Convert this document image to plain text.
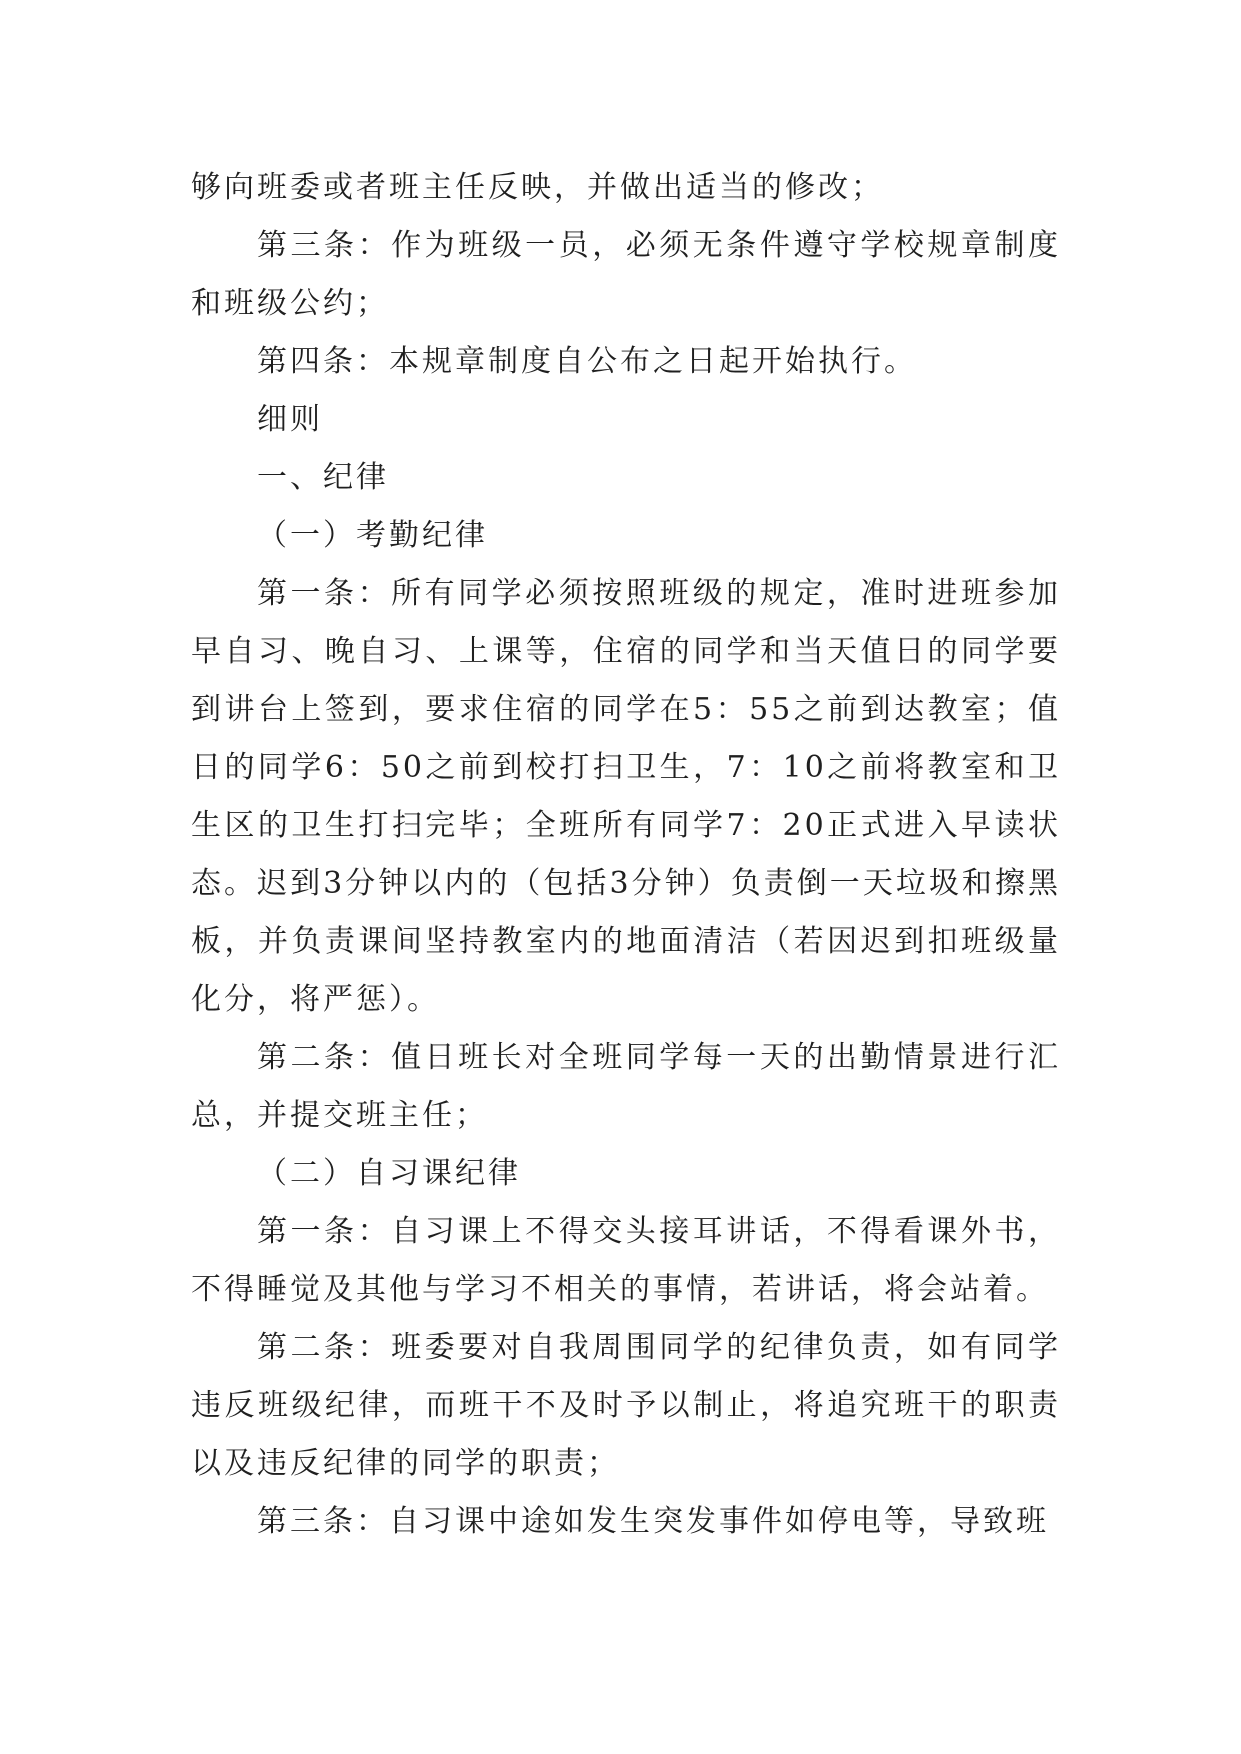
够向班委或者班主任反映，并做出适当的修改；

第三条：作为班级一员，必须无条件遵守学校规章制度和班级公约；

第四条：本规章制度自公布之日起开始执行。

细则

一、纪律

（一）考勤纪律

第一条：所有同学必须按照班级的规定，准时进班参加早自习、晚自习、上课等，住宿的同学和当天值日的同学要到讲台上签到，要求住宿的同学在5：55之前到达教室；值日的同学6：50之前到校打扫卫生，7：10之前将教室和卫生区的卫生打扫完毕；全班所有同学7：20正式进入早读状态。迟到3分钟以内的（包括3分钟）负责倒一天垃圾和擦黑板，并负责课间坚持教室内的地面清洁（若因迟到扣班级量化分，将严惩）。

第二条：值日班长对全班同学每一天的出勤情景进行汇总，并提交班主任；

（二）自习课纪律

第一条：自习课上不得交头接耳讲话，不得看课外书，不得睡觉及其他与学习不相关的事情，若讲话，将会站着。

第二条：班委要对自我周围同学的纪律负责，如有同学违反班级纪律，而班干不及时予以制止，将追究班干的职责以及违反纪律的同学的职责；

第三条：自习课中途如发生突发事件如停电等，导致班
